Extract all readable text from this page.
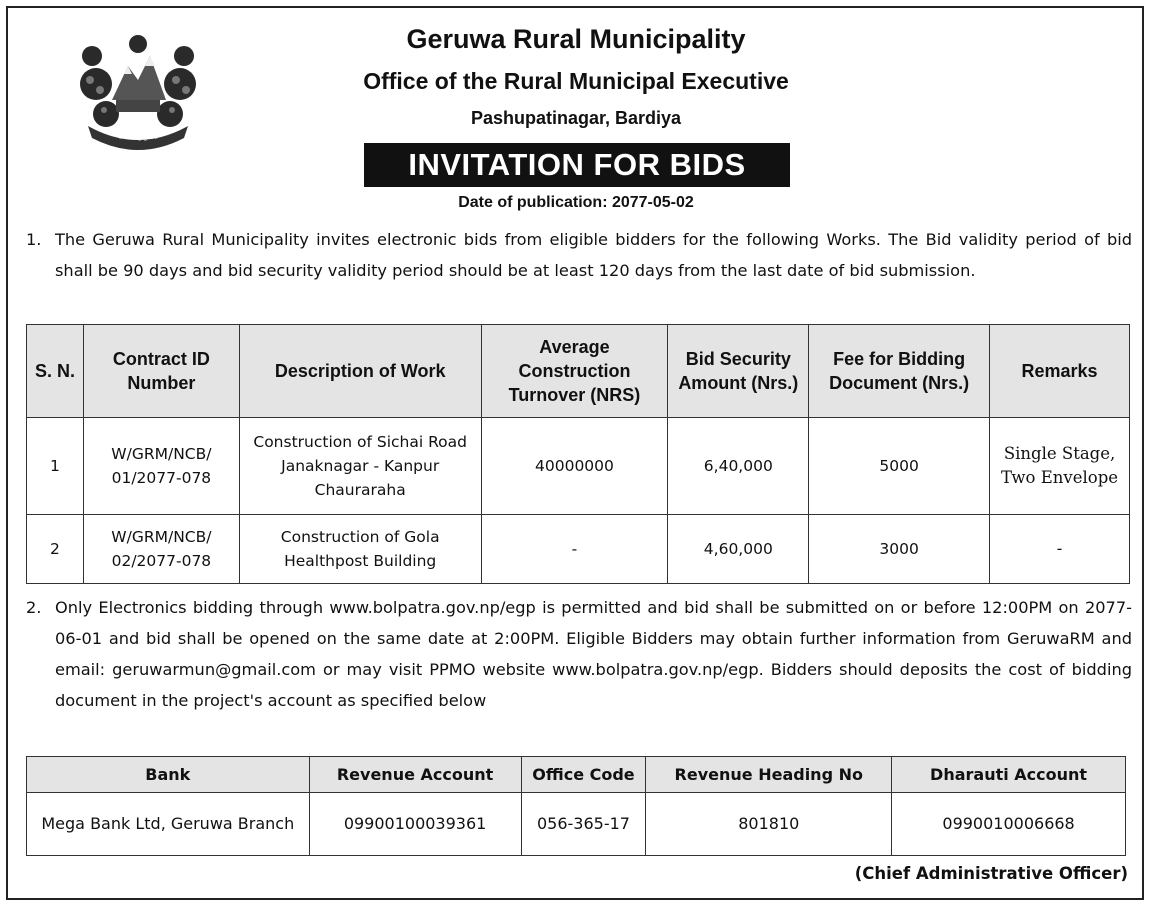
सर्वे भवन्तु सुखिनः
Geruwa Rural Municipality
Office of the Rural Municipal Executive
Pashupatinagar, Bardiya
INVITATION FOR BIDS
Date of publication: 2077-05-02
1. The Geruwa Rural Municipality invites electronic bids from eligible bidders for the following Works. The Bid validity period of bid shall be 90 days and bid security validity period should be at least 120 days from the last date of bid submission.
S. N.	Contract ID Number	Description of Work	Average Construction Turnover (NRS)	Bid Security Amount (Nrs.)	Fee for Bidding Document (Nrs.)	Remarks
1	W/GRM/NCB/ 01/2077-078	Construction of Sichai Road Janaknagar - Kanpur Chauraraha	40000000	6,40,000	5000	Single Stage, Two Envelope
2	W/GRM/NCB/ 02/2077-078	Construction of Gola Healthpost Building	-	4,60,000	3000	-
2. Only Electronics bidding through www.bolpatra.gov.np/egp is permitted and bid shall be submitted on or before 12:00PM on 2077-06-01 and bid shall be opened on the same date at 2:00PM. Eligible Bidders may obtain further information from GeruwaRM and email: geruwarmun@gmail.com or may visit PPMO website www.bolpatra.gov.np/egp. Bidders should deposits the cost of bidding document in the project's account as specified below
Bank	Revenue Account	Office Code	Revenue Heading No	Dharauti Account
Mega Bank Ltd, Geruwa Branch	09900100039361	056-365-17	801810	0990010006668
(Chief Administrative Officer)
